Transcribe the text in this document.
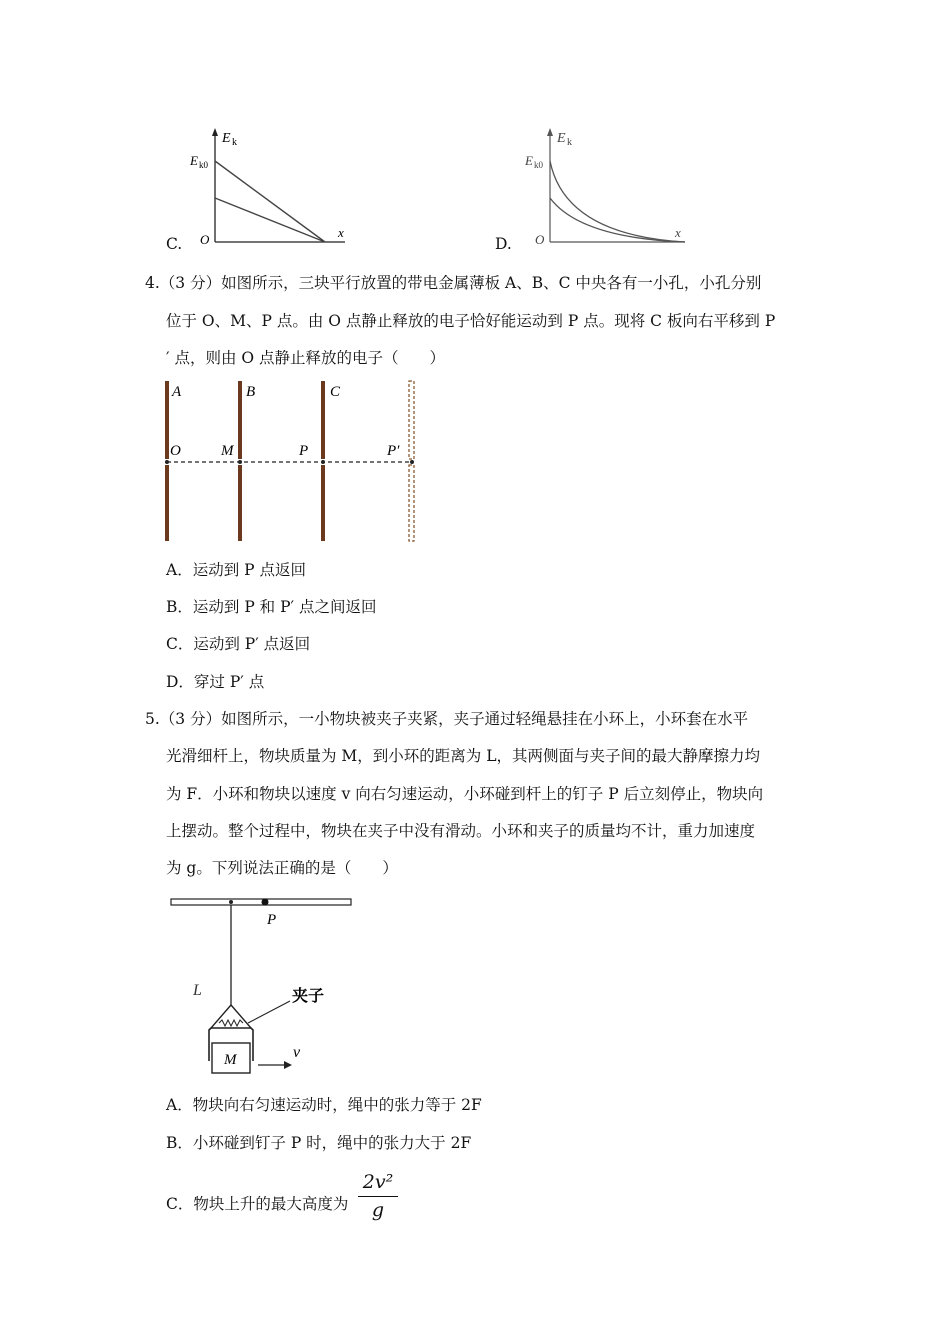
E k
E k0
O	x
C.
E k
E k0
O	x
D.
4.（3 分）如图所示，三块平行放置的带电金属薄板 A、B、C 中央各有一小孔，小孔分别
位于 O、M、P 点。由 O 点静止释放的电子恰好能运动到 P 点。现将 C 板向右平移到 P
′ 点，则由 O 点静止释放的电子（　　）
A	B	C
O	M	P	P′
A．运动到 P 点返回
B．运动到 P 和 P′ 点之间返回
C．运动到 P′ 点返回
D．穿过 P′ 点
5.（3 分）如图所示，一小物块被夹子夹紧，夹子通过轻绳悬挂在小环上，小环套在水平
光滑细杆上，物块质量为 M，到小环的距离为 L，其两侧面与夹子间的最大静摩擦力均
为 F．小环和物块以速度 v 向右匀速运动，小环碰到杆上的钉子 P 后立刻停止，物块向
上摆动。整个过程中，物块在夹子中没有滑动。小环和夹子的质量均不计，重力加速度
为 g。下列说法正确的是（　　）
P
L
M
夹子
v
A．物块向右匀速运动时，绳中的张力等于 2F
B．小环碰到钉子 P 时，绳中的张力大于 2F
C．物块上升的最大高度为
2v²
g
